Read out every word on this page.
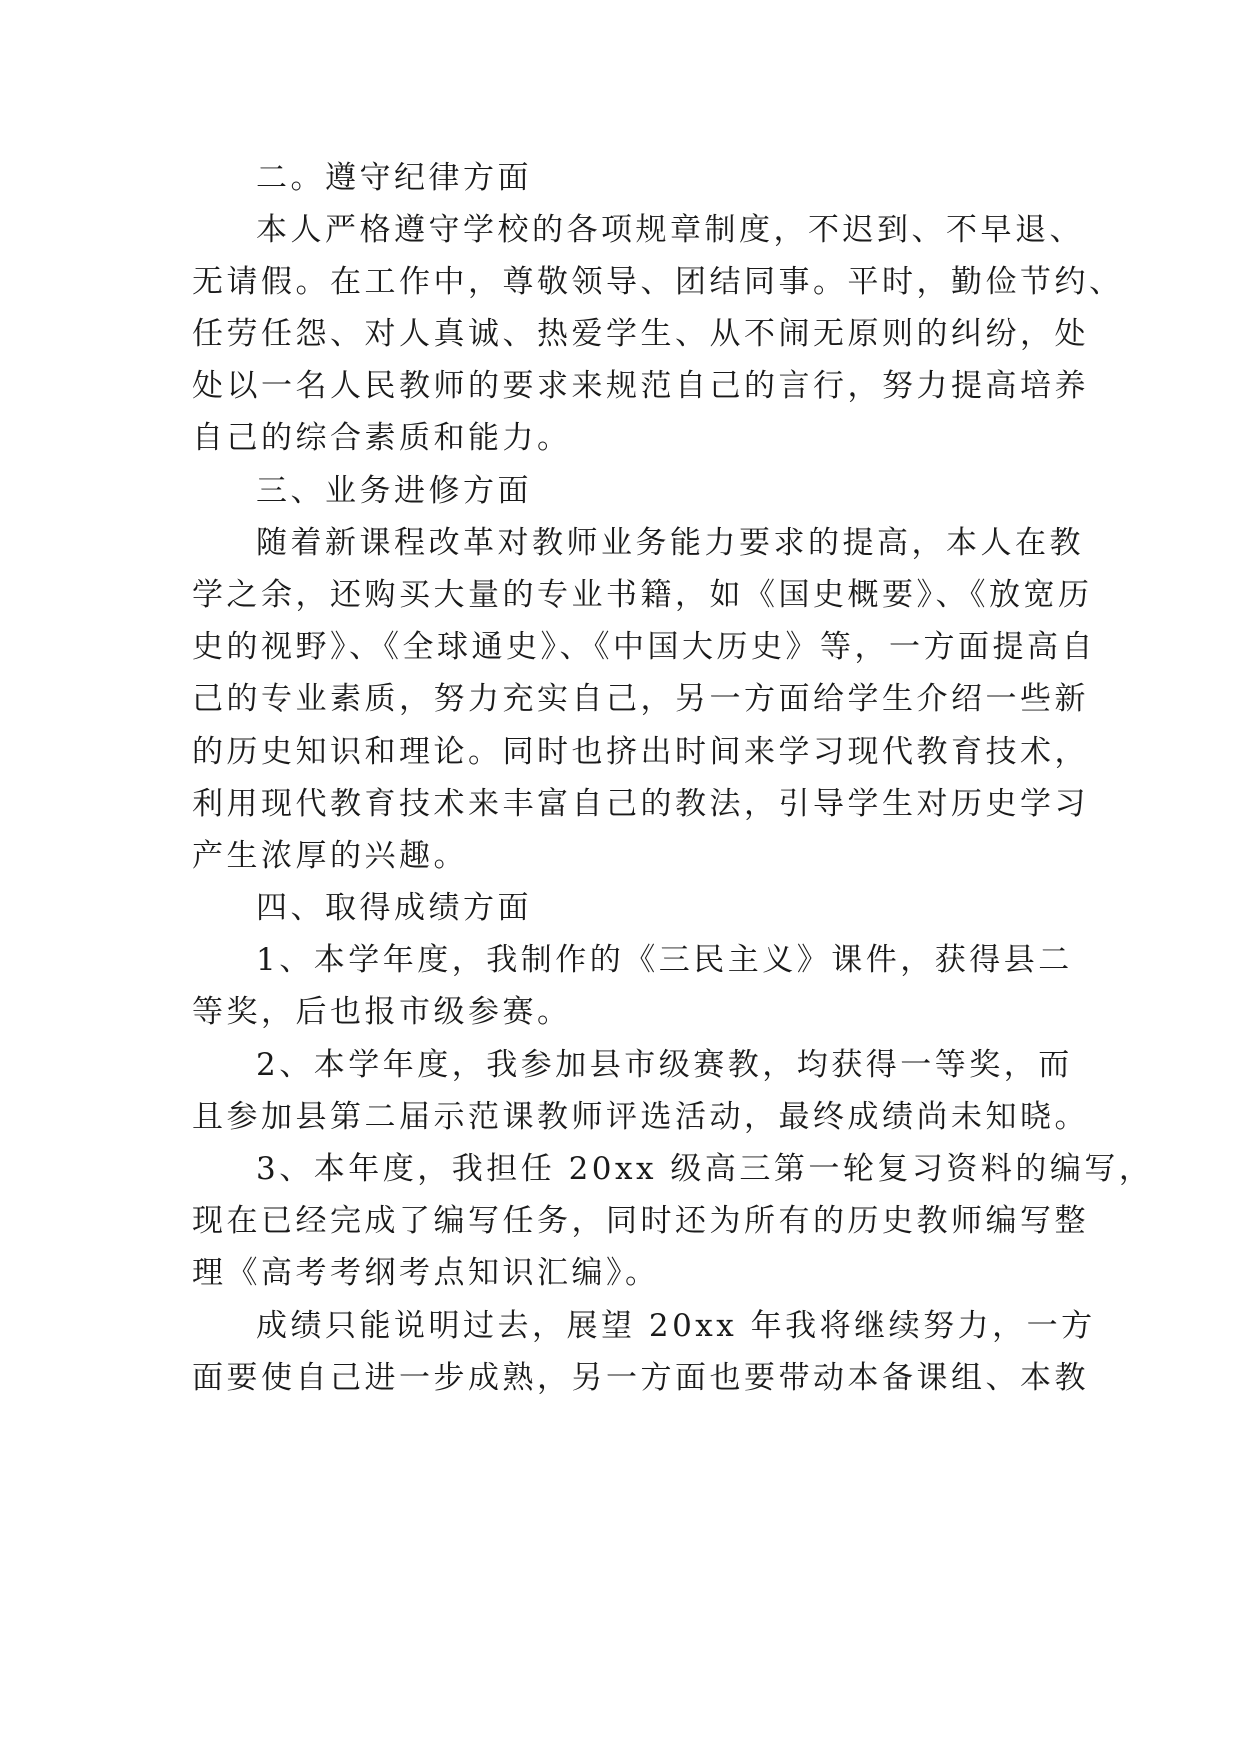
二。遵守纪律方面
本人严格遵守学校的各项规章制度，不迟到、不早退、
无请假。在工作中，尊敬领导、团结同事。平时，勤俭节约、
任劳任怨、对人真诚、热爱学生、从不闹无原则的纠纷，处
处以一名人民教师的要求来规范自己的言行，努力提高培养
自己的综合素质和能力。
三、业务进修方面
随着新课程改革对教师业务能力要求的提高，本人在教
学之余，还购买大量的专业书籍，如《国史概要》、《放宽历
史的视野》、《全球通史》、《中国大历史》等，一方面提高自
己的专业素质，努力充实自己，另一方面给学生介绍一些新
的历史知识和理论。同时也挤出时间来学习现代教育技术，
利用现代教育技术来丰富自己的教法，引导学生对历史学习
产生浓厚的兴趣。
四、取得成绩方面
1、本学年度，我制作的《三民主义》课件，获得县二
等奖，后也报市级参赛。
2、本学年度，我参加县市级赛教，均获得一等奖，而
且参加县第二届示范课教师评选活动，最终成绩尚未知晓。
3、本年度，我担任 20xx 级高三第一轮复习资料的编写，
现在已经完成了编写任务，同时还为所有的历史教师编写整
理《高考考纲考点知识汇编》。
成绩只能说明过去，展望 20xx 年我将继续努力，一方
面要使自己进一步成熟，另一方面也要带动本备课组、本教
